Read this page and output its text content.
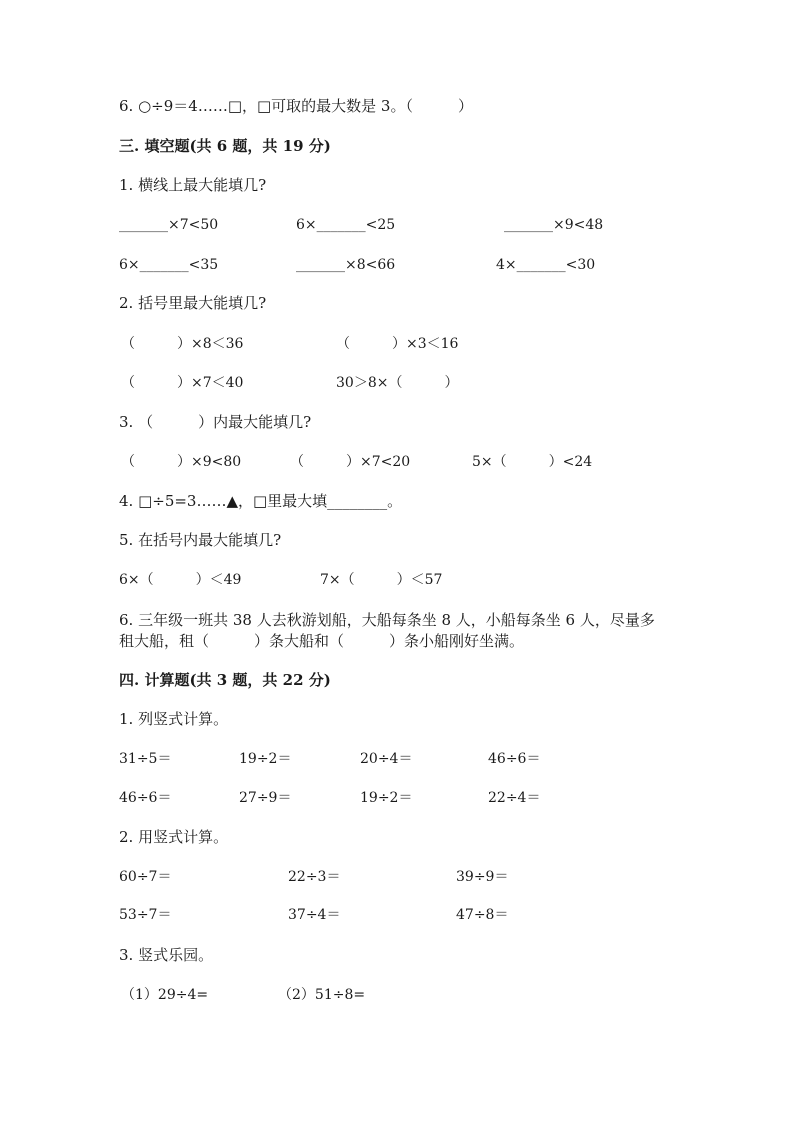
6. ○÷9＝4……□，□可取的最大数是 3。（　　　）
三. 填空题(共 6 题，共 19 分)
1. 横线上最大能填几?
_______×7<50	6×_______<25	_______×9<48
6×_______<35	_______×8<66	4×_______<30
2. 括号里最大能填几?
（　　　）×8＜36	（　　　）×3＜16
（　　　）×7＜40	30＞8×（　　　）
3. （　　　）内最大能填几?
（　　　）×9<80	（　　　）×7<20	5×（　　　）<24
4. □÷5=3……▲，□里最大填________。
5. 在括号内最大能填几?
6×（　　　）＜49	7×（　　　）＜57
6. 三年级一班共 38 人去秋游划船，大船每条坐 8 人，小船每条坐 6 人，尽量多
租大船，租（　　　）条大船和（　　　）条小船刚好坐满。
四. 计算题(共 3 题，共 22 分)
1. 列竖式计算。
31÷5＝	19÷2＝	20÷4＝	46÷6＝
46÷6＝	27÷9＝	19÷2＝	22÷4＝
2. 用竖式计算。
60÷7＝	22÷3＝	39÷9＝
53÷7＝	37÷4＝	47÷8＝
3. 竖式乐园。
（1）29÷4=	（2）51÷8=
